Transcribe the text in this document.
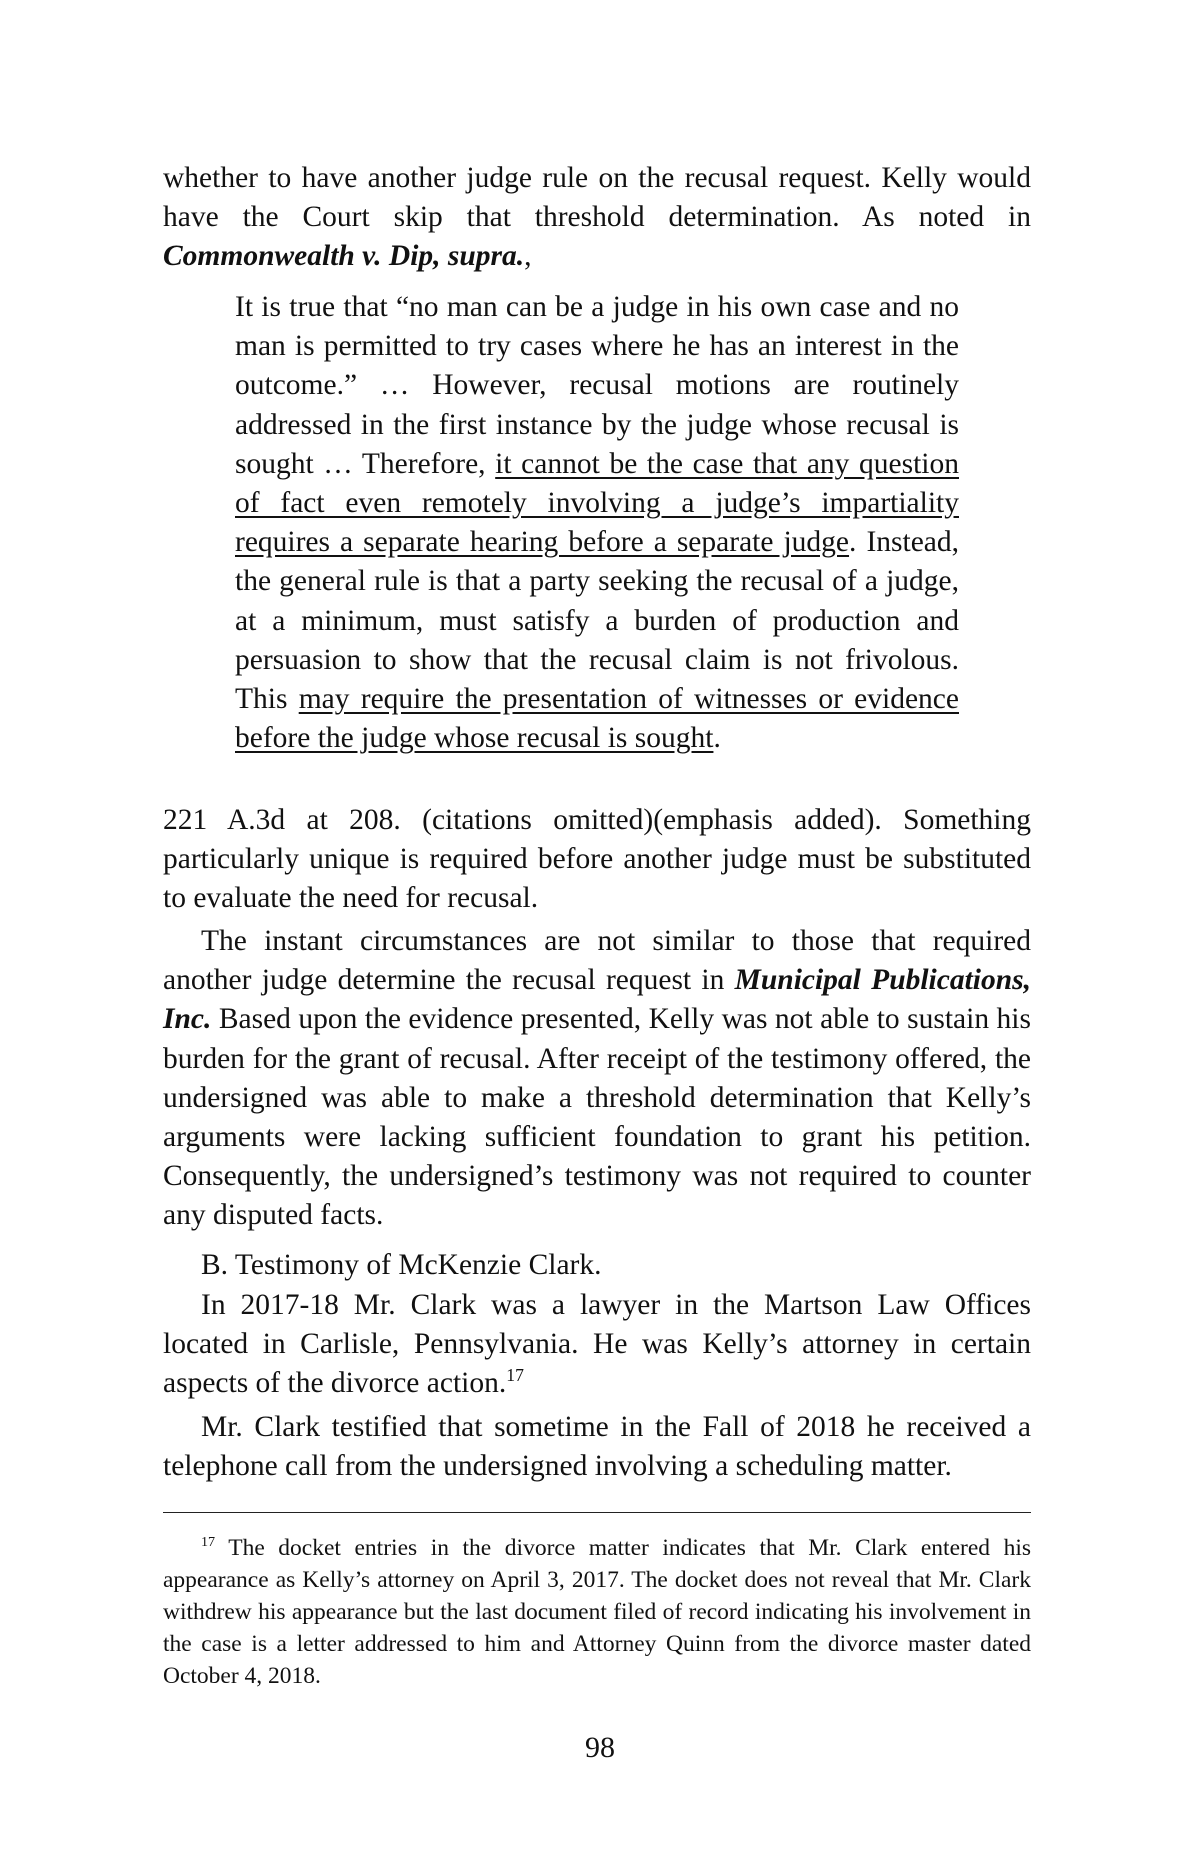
whether to have another judge rule on the recusal request. Kelly would have the Court skip that threshold determination. As noted in Commonwealth v. Dip, supra.,

It is true that “no man can be a judge in his own case and no man is permitted to try cases where he has an interest in the outcome.” … However, recusal motions are routinely addressed in the first instance by the judge whose recusal is sought … Therefore, it cannot be the case that any question of fact even remotely involving a judge’s impartiality requires a separate hearing before a separate judge. Instead, the general rule is that a party seeking the recusal of a judge, at a minimum, must satisfy a burden of production and persuasion to show that the recusal claim is not frivolous. This may require the presentation of witnesses or evidence before the judge whose recusal is sought.

221 A.3d at 208. (citations omitted)(emphasis added). Something particularly unique is required before another judge must be substituted to evaluate the need for recusal.

The instant circumstances are not similar to those that required another judge determine the recusal request in Municipal Publications, Inc. Based upon the evidence presented, Kelly was not able to sustain his burden for the grant of recusal. After receipt of the testimony offered, the undersigned was able to make a threshold determination that Kelly’s arguments were lacking sufficient foundation to grant his petition. Consequently, the undersigned’s testimony was not required to counter any disputed facts.

B. Testimony of McKenzie Clark.

In 2017-18 Mr. Clark was a lawyer in the Martson Law Offices located in Carlisle, Pennsylvania. He was Kelly’s attorney in certain aspects of the divorce action.$^{17}$

Mr. Clark testified that sometime in the Fall of 2018 he received a telephone call from the undersigned involving a scheduling matter.

$^{17}$ The docket entries in the divorce matter indicates that Mr. Clark entered his appearance as Kelly’s attorney on April 3, 2017. The docket does not reveal that Mr. Clark withdrew his appearance but the last document filed of record indicating his involvement in the case is a letter addressed to him and Attorney Quinn from the divorce master dated October 4, 2018.

98
